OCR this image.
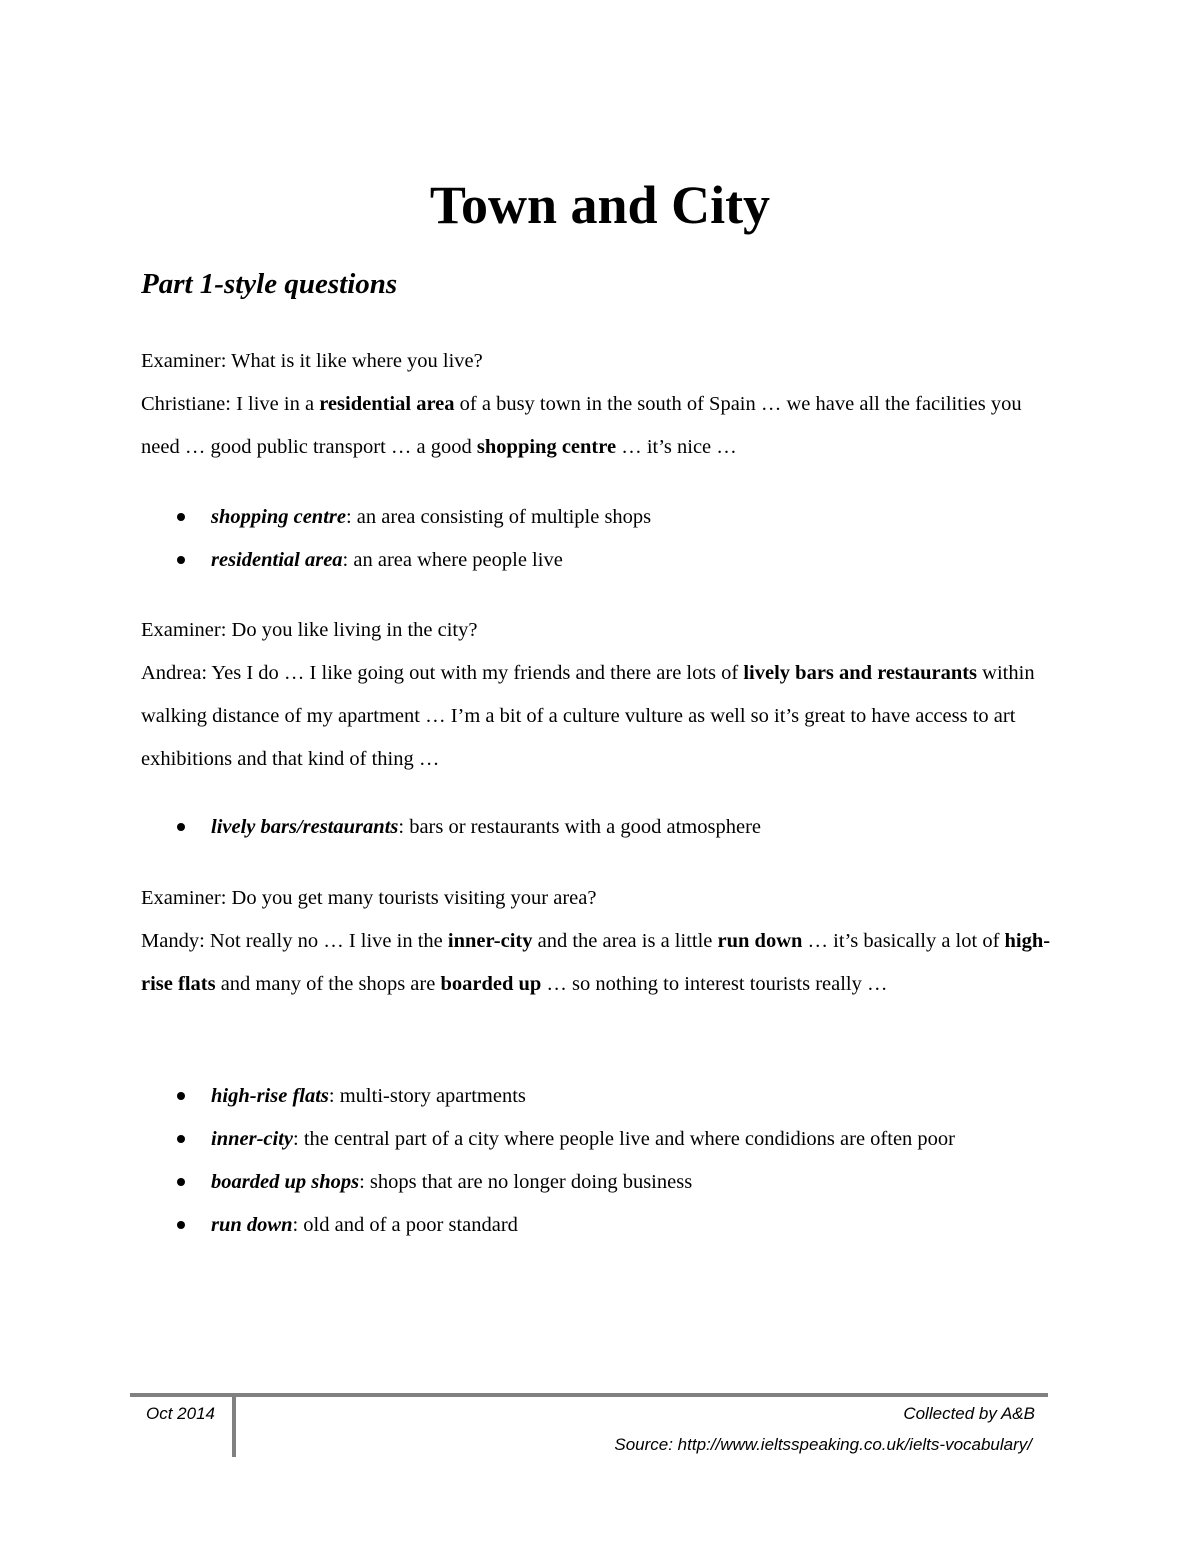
Town and City
Part 1-style questions

Examiner: What is it like where you live?

Christiane: I live in a residential area of a busy town in the south of Spain … we have all the facilities you need … good public transport … a good shopping centre … it’s nice …

shopping centre: an area consisting of multiple shops
residential area: an area where people live

Examiner: Do you like living in the city?

Andrea: Yes I do … I like going out with my friends and there are lots of lively bars and restaurants within walking distance of my apartment … I’m a bit of a culture vulture as well so it’s great to have access to art exhibitions and that kind of thing …

lively bars/restaurants: bars or restaurants with a good atmosphere

Examiner: Do you get many tourists visiting your area?

Mandy: Not really no … I live in the inner-city and the area is a little run down … it’s basically a lot of high-rise flats and many of the shops are boarded up … so nothing to interest tourists really …

high-rise flats: multi-story apartments
inner-city: the central part of a city where people live and where condidions are often poor
boarded up shops: shops that are no longer doing business
run down: old and of a poor standard
Oct 2014	Collected by A&B
Source: http://www.ieltsspeaking.co.uk/ielts-vocabulary/
